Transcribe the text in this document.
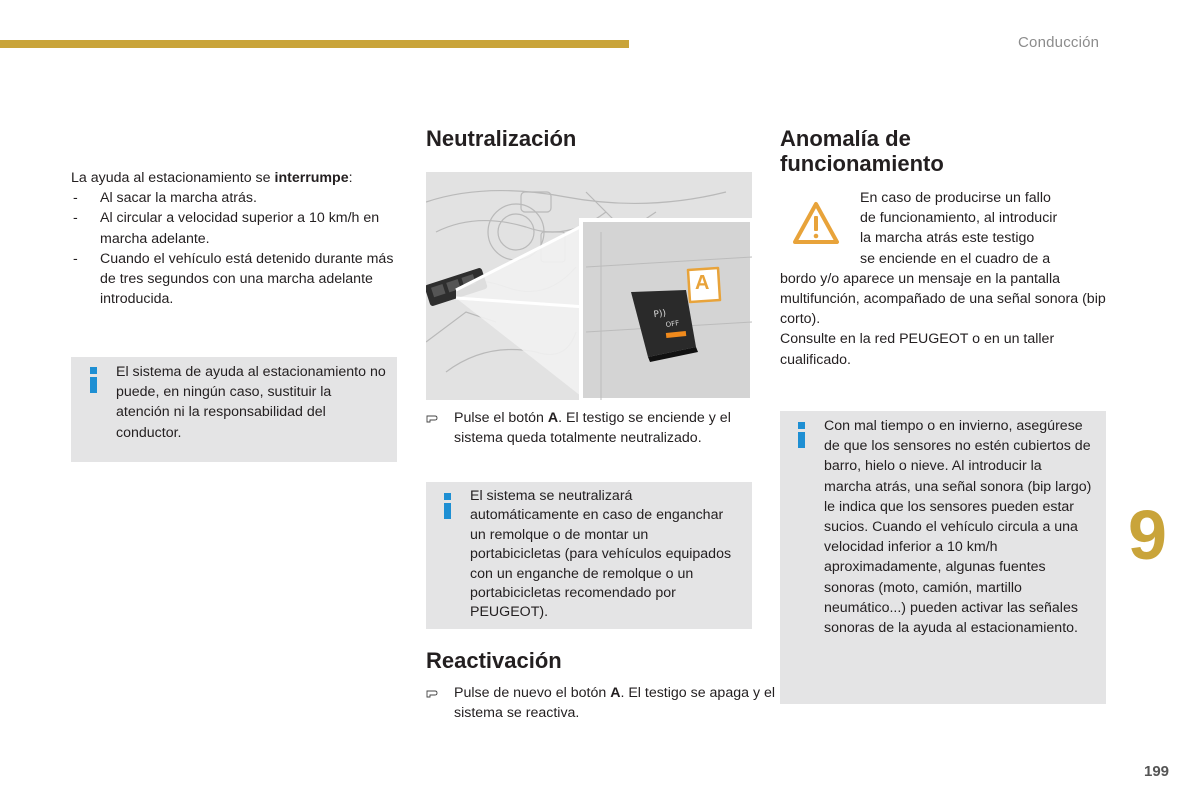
Conducción

La ayuda al estacionamiento se interrumpe:

- Al sacar la marcha atrás.
- Al circular a velocidad superior a 10 km/h en marcha adelante.
- Cuando el vehículo está detenido durante más de tres segundos con una marcha adelante introducida.

El sistema de ayuda al estacionamiento no puede, en ningún caso, sustituir la atención ni la responsabilidad del conductor.

Neutralización
P))
OFF
A
Pulse el botón A. El testigo se enciende y el sistema queda totalmente neutralizado.

El sistema se neutralizará automáticamente en caso de enganchar un remolque o de montar un portabicicletas (para vehículos equipados con un enganche de remolque o un portabicicletas recomendado por PEUGEOT).

Reactivación
Pulse de nuevo el botón A. El testigo se apaga y el sistema se reactiva.
Anomalía de
funcionamiento

En caso de producirse un fallo
de funcionamiento, al introducir
la marcha atrás este testigo
se enciende en el cuadro de a

bordo y/o aparece un mensaje en la pantalla multifunción, acompañado de una señal sonora (bip corto).

Consulte en la red PEUGEOT o en un taller cualificado.

Con mal tiempo o en invierno, asegúrese de que los sensores no estén cubiertos de barro, hielo o nieve. Al introducir la marcha atrás, una señal sonora (bip largo) le indica que los sensores pueden estar sucios. Cuando el vehículo circula a una velocidad inferior a 10 km/h aproximadamente, algunas fuentes sonoras (moto, camión, martillo neumático...) pueden activar las señales sonoras de la ayuda al estacionamiento.

9
199
